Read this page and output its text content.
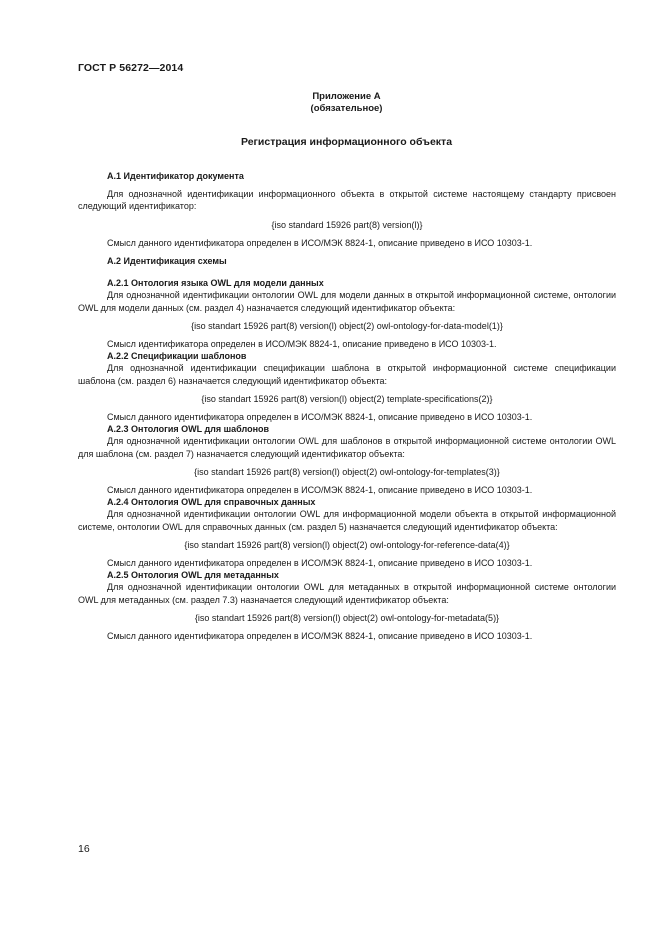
ГОСТ Р 56272—2014
Приложение А
(обязательное)
Регистрация информационного объекта

А.1 Идентификатор документа

Для однозначной идентификации информационного объекта в открытой системе настоящему стандарту присвоен следующий идентификатор:

{iso standard 15926 part(8) version(l)}

Смысл данного идентификатора определен в ИСО/МЭК 8824-1, описание приведено в ИСО 10303-1.

А.2 Идентификация схемы

А.2.1 Онтология языка OWL для модели данных

Для однозначной идентификации онтологии OWL для модели данных в открытой информационной системе, онтологии OWL для модели данных (см. раздел 4) назначается следующий идентификатор объекта:

{iso standart 15926 part(8) version(l) object(2) owl-ontology-for-data-model(1)}

Смысл идентификатора определен в ИСО/МЭК 8824-1, описание приведено в ИСО 10303-1.

А.2.2 Спецификации шаблонов

Для однозначной идентификации спецификации шаблона в открытой информационной системе спецификации шаблона (см. раздел 6) назначается следующий идентификатор объекта:

{iso standart 15926 part(8) version(l) object(2) template-specifications(2)}

Смысл данного идентификатора определен в ИСО/МЭК 8824-1, описание приведено в ИСО 10303-1.

А.2.3 Онтология OWL для шаблонов

Для однозначной идентификации онтологии OWL для шаблонов в открытой информационной системе онтологии OWL для шаблона (см. раздел 7) назначается следующий идентификатор объекта:

{iso standart 15926 part(8) version(l) object(2) owl-ontology-for-templates(3)}

Смысл данного идентификатора определен в ИСО/МЭК 8824-1, описание приведено в ИСО 10303-1.

А.2.4 Онтология OWL для справочных данных

Для однозначной идентификации онтологии OWL для информационной модели объекта в открытой информационной системе, онтологии OWL для справочных данных (см. раздел 5) назначается следующий идентификатор объекта:

{iso standart 15926 part(8) version(l) object(2) owl-ontology-for-reference-data(4)}

Смысл данного идентификатора определен в ИСО/МЭК 8824-1, описание приведено в ИСО 10303-1.

А.2.5 Онтология OWL для метаданных

Для однозначной идентификации онтологии OWL для метаданных в открытой информационной системе онтологии OWL для метаданных (см. раздел 7.3) назначается следующий идентификатор объекта:

{iso standart 15926 part(8) version(l) object(2) owl-ontology-for-metadata(5)}

Смысл данного идентификатора определен в ИСО/МЭК 8824-1, описание приведено в ИСО 10303-1.

16
